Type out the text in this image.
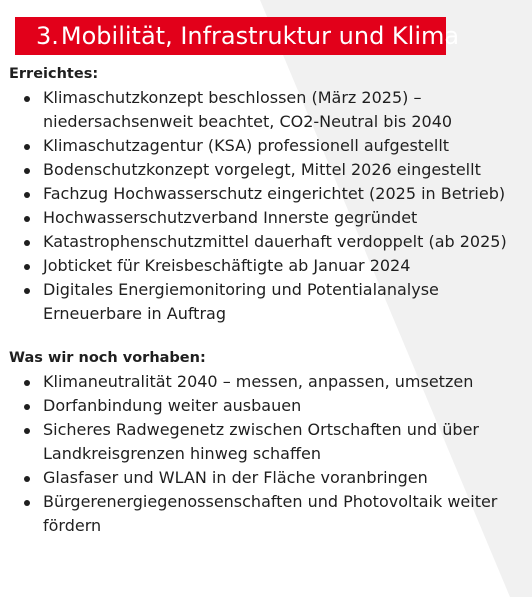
3. Mobilität, Infrastruktur und Klima
Erreichtes:
Klimaschutzkonzept beschlossen (März 2025) – niedersachsenweit beachtet, CO2-Neutral bis 2040
Klimaschutzagentur (KSA) professionell aufgestellt
Bodenschutzkonzept vorgelegt, Mittel 2026 eingestellt
Fachzug Hochwasserschutz eingerichtet (2025 in Betrieb)
Hochwasserschutzverband Innerste gegründet
Katastrophenschutzmittel dauerhaft verdoppelt (ab 2025)
Jobticket für Kreisbeschäftigte ab Januar 2024
Digitales Energiemonitoring und Potentialanalyse Erneuerbare in Auftrag
Was wir noch vorhaben:
Klimaneutralität 2040 – messen, anpassen, umsetzen
Dorfanbindung weiter ausbauen
Sicheres Radwegenetz zwischen Ortschaften und über Landkreisgrenzen hinweg schaffen
Glasfaser und WLAN in der Fläche voranbringen
Bürgerenergiegenossenschaften und Photovoltaik weiter fördern
